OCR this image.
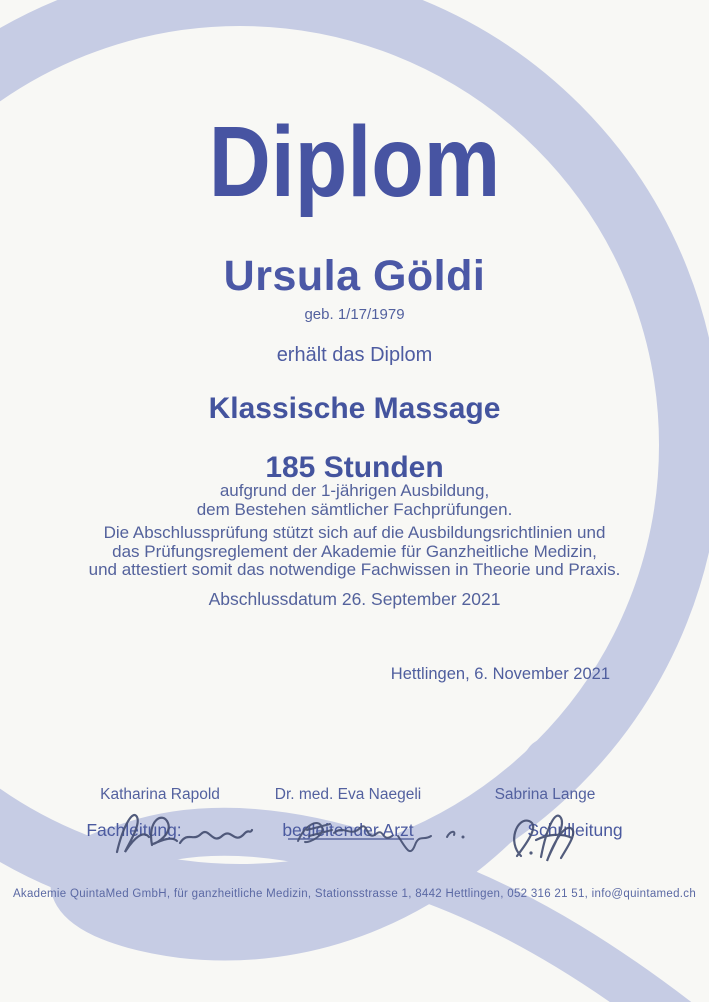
Diplom
Ursula Göldi
geb. 1/17/1979
erhält das Diplom
Klassische Massage
185 Stunden
aufgrund der 1-jährigen Ausbildung,
dem Bestehen sämtlicher Fachprüfungen.
Die Abschlussprüfung stützt sich auf die Ausbildungsrichtlinien und
das Prüfungsreglement der Akademie für Ganzheitliche Medizin,
und attestiert somit das notwendige Fachwissen in Theorie und Praxis.
Abschlussdatum 26. September 2021
Hettlingen, 6. November 2021
Katharina Rapold
Fachleitung:
Dr. med. Eva Naegeli
begleitender Arzt
Sabrina Lange
Schulleitung
Akademie QuintaMed GmbH, für ganzheitliche Medizin, Stationsstrasse 1, 8442 Hettlingen, 052 316 21 51, info@quintamed.ch
